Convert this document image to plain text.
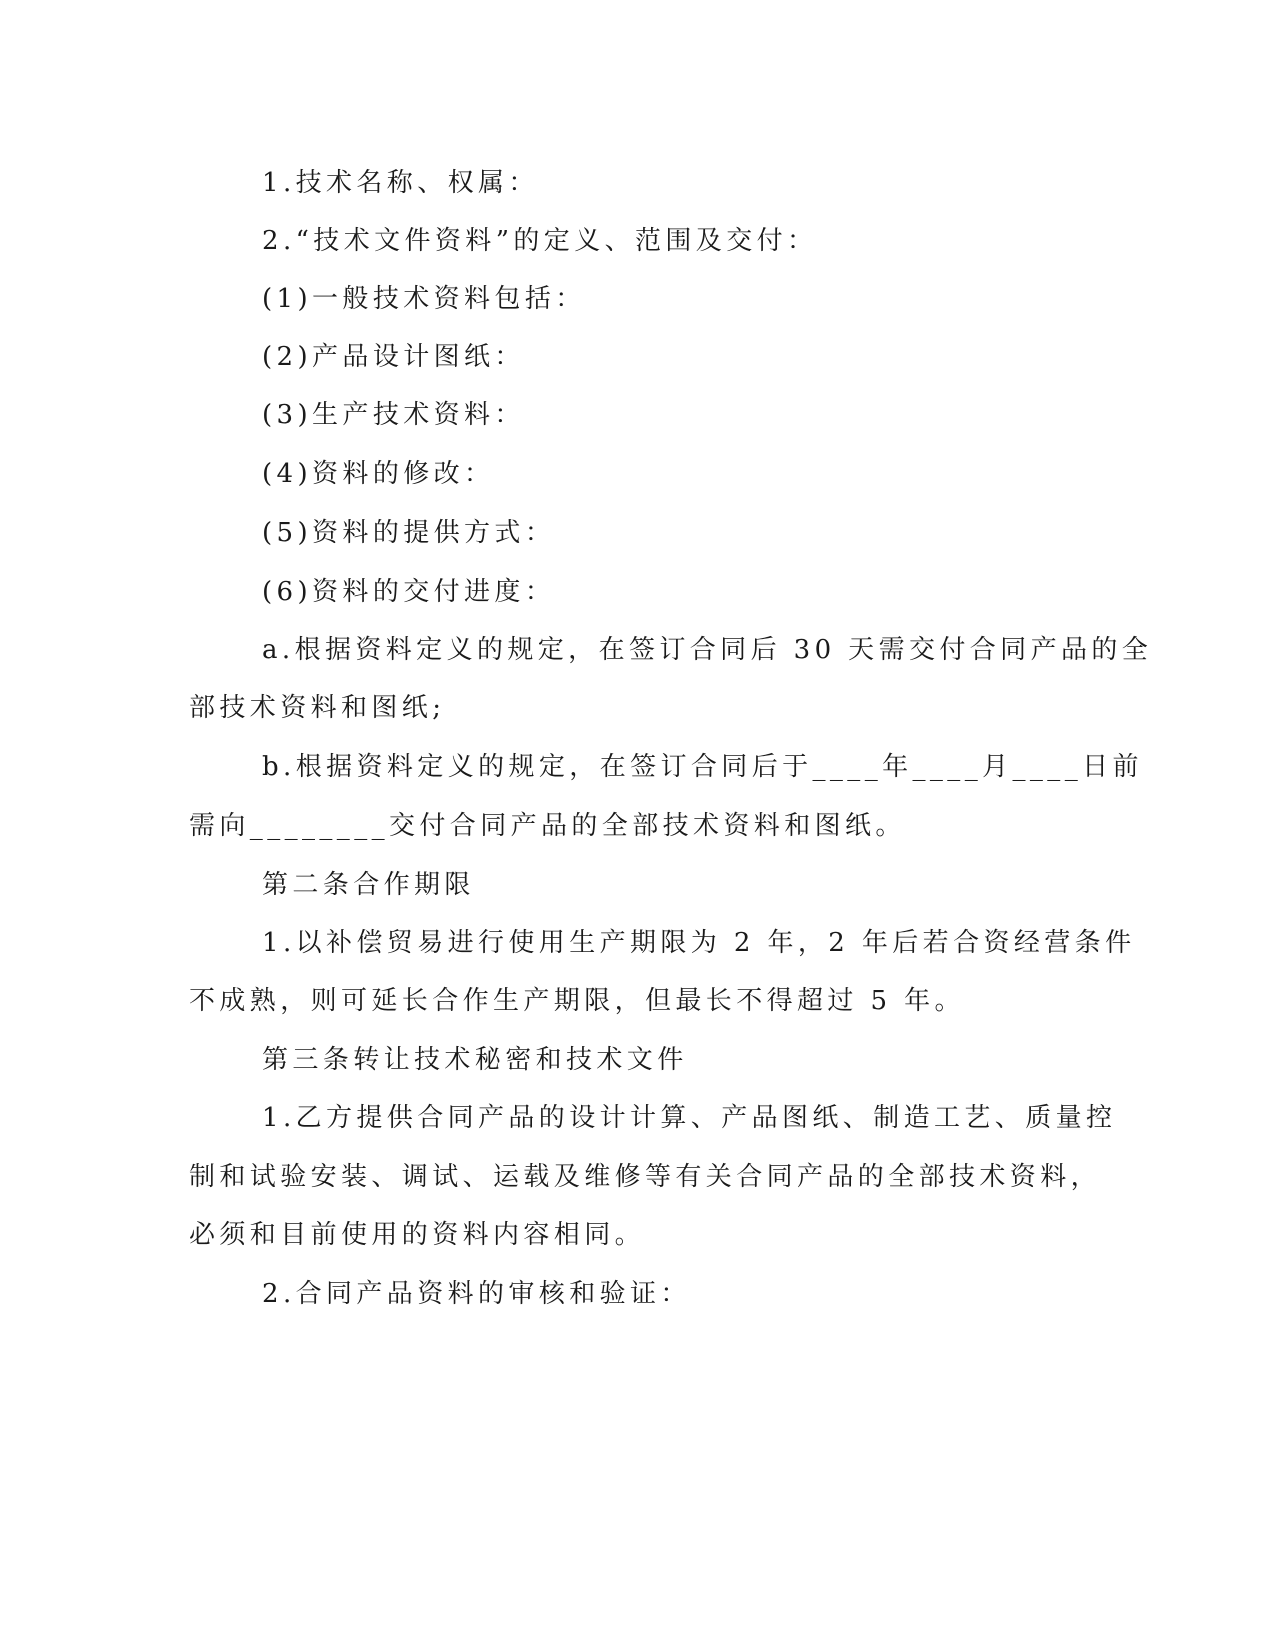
1.技术名称、权属：
2.“技术文件资料”的定义、范围及交付：
(1)一般技术资料包括：
(2)产品设计图纸：
(3)生产技术资料：
(4)资料的修改：
(5)资料的提供方式：
(6)资料的交付进度：
a.根据资料定义的规定，在签订合同后 30 天需交付合同产品的全
部技术资料和图纸;
b.根据资料定义的规定，在签订合同后于____年____月____日前
需向________交付合同产品的全部技术资料和图纸。
第二条合作期限
1.以补偿贸易进行使用生产期限为 2 年，2 年后若合资经营条件
不成熟，则可延长合作生产期限，但最长不得超过 5 年。
第三条转让技术秘密和技术文件
1.乙方提供合同产品的设计计算、产品图纸、制造工艺、质量控
制和试验安装、调试、运载及维修等有关合同产品的全部技术资料，
必须和目前使用的资料内容相同。
2.合同产品资料的审核和验证：
